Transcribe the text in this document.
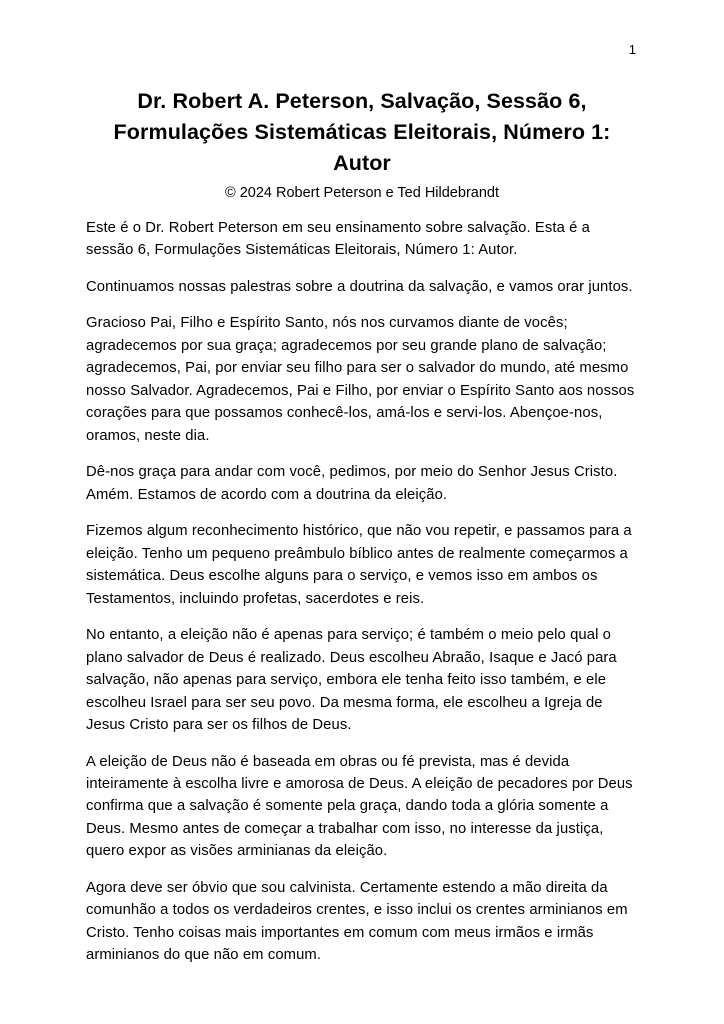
1
Dr. Robert A. Peterson, Salvação, Sessão 6, Formulações Sistemáticas Eleitorais, Número 1: Autor
© 2024 Robert Peterson e Ted Hildebrandt

Este é o Dr. Robert Peterson em seu ensinamento sobre salvação. Esta é a sessão 6, Formulações Sistemáticas Eleitorais, Número 1: Autor.

Continuamos nossas palestras sobre a doutrina da salvação, e vamos orar juntos.

Gracioso Pai, Filho e Espírito Santo, nós nos curvamos diante de vocês; agradecemos por sua graça; agradecemos por seu grande plano de salvação; agradecemos, Pai, por enviar seu filho para ser o salvador do mundo, até mesmo nosso Salvador. Agradecemos, Pai e Filho, por enviar o Espírito Santo aos nossos corações para que possamos conhecê-los, amá-los e servi-los. Abençoe-nos, oramos, neste dia.

Dê-nos graça para andar com você, pedimos, por meio do Senhor Jesus Cristo. Amém. Estamos de acordo com a doutrina da eleição.

Fizemos algum reconhecimento histórico, que não vou repetir, e passamos para a eleição. Tenho um pequeno preâmbulo bíblico antes de realmente começarmos a sistemática. Deus escolhe alguns para o serviço, e vemos isso em ambos os Testamentos, incluindo profetas, sacerdotes e reis.

No entanto, a eleição não é apenas para serviço; é também o meio pelo qual o plano salvador de Deus é realizado. Deus escolheu Abraão, Isaque e Jacó para salvação, não apenas para serviço, embora ele tenha feito isso também, e ele escolheu Israel para ser seu povo. Da mesma forma, ele escolheu a Igreja de Jesus Cristo para ser os filhos de Deus.

A eleição de Deus não é baseada em obras ou fé prevista, mas é devida inteiramente à escolha livre e amorosa de Deus. A eleição de pecadores por Deus confirma que a salvação é somente pela graça, dando toda a glória somente a Deus. Mesmo antes de começar a trabalhar com isso, no interesse da justiça, quero expor as visões arminianas da eleição.

Agora deve ser óbvio que sou calvinista. Certamente estendo a mão direita da comunhão a todos os verdadeiros crentes, e isso inclui os crentes arminianos em Cristo. Tenho coisas mais importantes em comum com meus irmãos e irmãs arminianos do que não em comum.
